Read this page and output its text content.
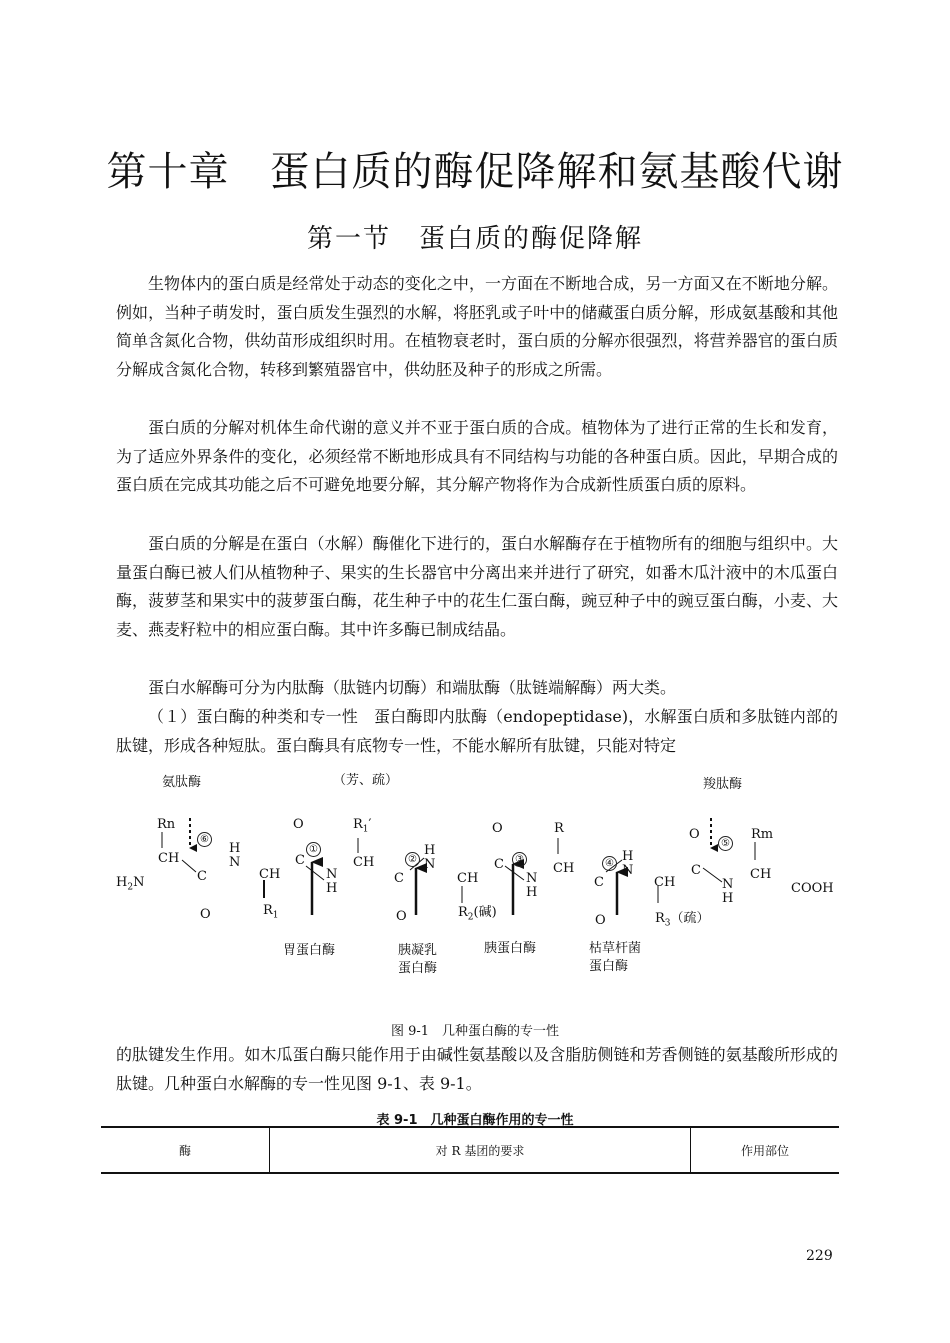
第十章 蛋白质的酶促降解和氨基酸代谢
第一节 蛋白质的酶促降解

生物体内的蛋白质是经常处于动态的变化之中，一方面在不断地合成，另一方面又在不断地分解。例如，当种子萌发时，蛋白质发生强烈的水解，将胚乳或子叶中的储藏蛋白质分解，形成氨基酸和其他简单含氮化合物，供幼苗形成组织时用。在植物衰老时，蛋白质的分解亦很强烈，将营养器官的蛋白质分解成含氮化合物，转移到繁殖器官中，供幼胚及种子的形成之所需。

蛋白质的分解对机体生命代谢的意义并不亚于蛋白质的合成。植物体为了进行正常的生长和发育，为了适应外界条件的变化，必须经常不断地形成具有不同结构与功能的各种蛋白质。因此，早期合成的蛋白质在完成其功能之后不可避免地要分解，其分解产物将作为合成新性质蛋白质的原料。

蛋白质的分解是在蛋白（水解）酶催化下进行的，蛋白水解酶存在于植物所有的细胞与组织中。大量蛋白酶已被人们从植物种子、果实的生长器官中分离出来并进行了研究，如番木瓜汁液中的木瓜蛋白酶，菠萝茎和果实中的菠萝蛋白酶，花生种子中的花生仁蛋白酶，豌豆种子中的豌豆蛋白酶，小麦、大麦、燕麦籽粒中的相应蛋白酶。其中许多酶已制成结晶。

蛋白水解酶可分为内肽酶（肽链内切酶）和端肽酶（肽链端解酶）两大类。

（１）蛋白酶的种类和专一性　蛋白酶即内肽酶（endopeptidase)，水解蛋白质和多肽链内部的肽键，形成各种短肽。蛋白酶具有底物专一性，不能水解所有肽键，只能对特定

氨肽酶	（芳、疏）	羧肽酶
$H_2N$
Rn
CH
C
O
⑥
H
N
CH
$R_1$
O
C
①
N
H
$R_1'$
CH
C
O
②
H
N
CH
$R_2$(碱)
O
C	③
N
H
R
CH
C
O
④ H
N
CH
$R_3$（疏）
O
C
⑤
N
H
Rm
CH
COOH
胃蛋白酶	胰凝乳
蛋白酶
胰蛋白酶	枯草杆菌
蛋白酶
图 9-1　几种蛋白酶的专一性

的肽键发生作用。如木瓜蛋白酶只能作用于由碱性氨基酸以及含脂肪侧链和芳香侧链的氨基酸所形成的肽键。几种蛋白水解酶的专一性见图 9-1、表 9-1。

表 9-1　几种蛋白酶作用的专一性
酶	对 R 基团的要求	作用部位
229
